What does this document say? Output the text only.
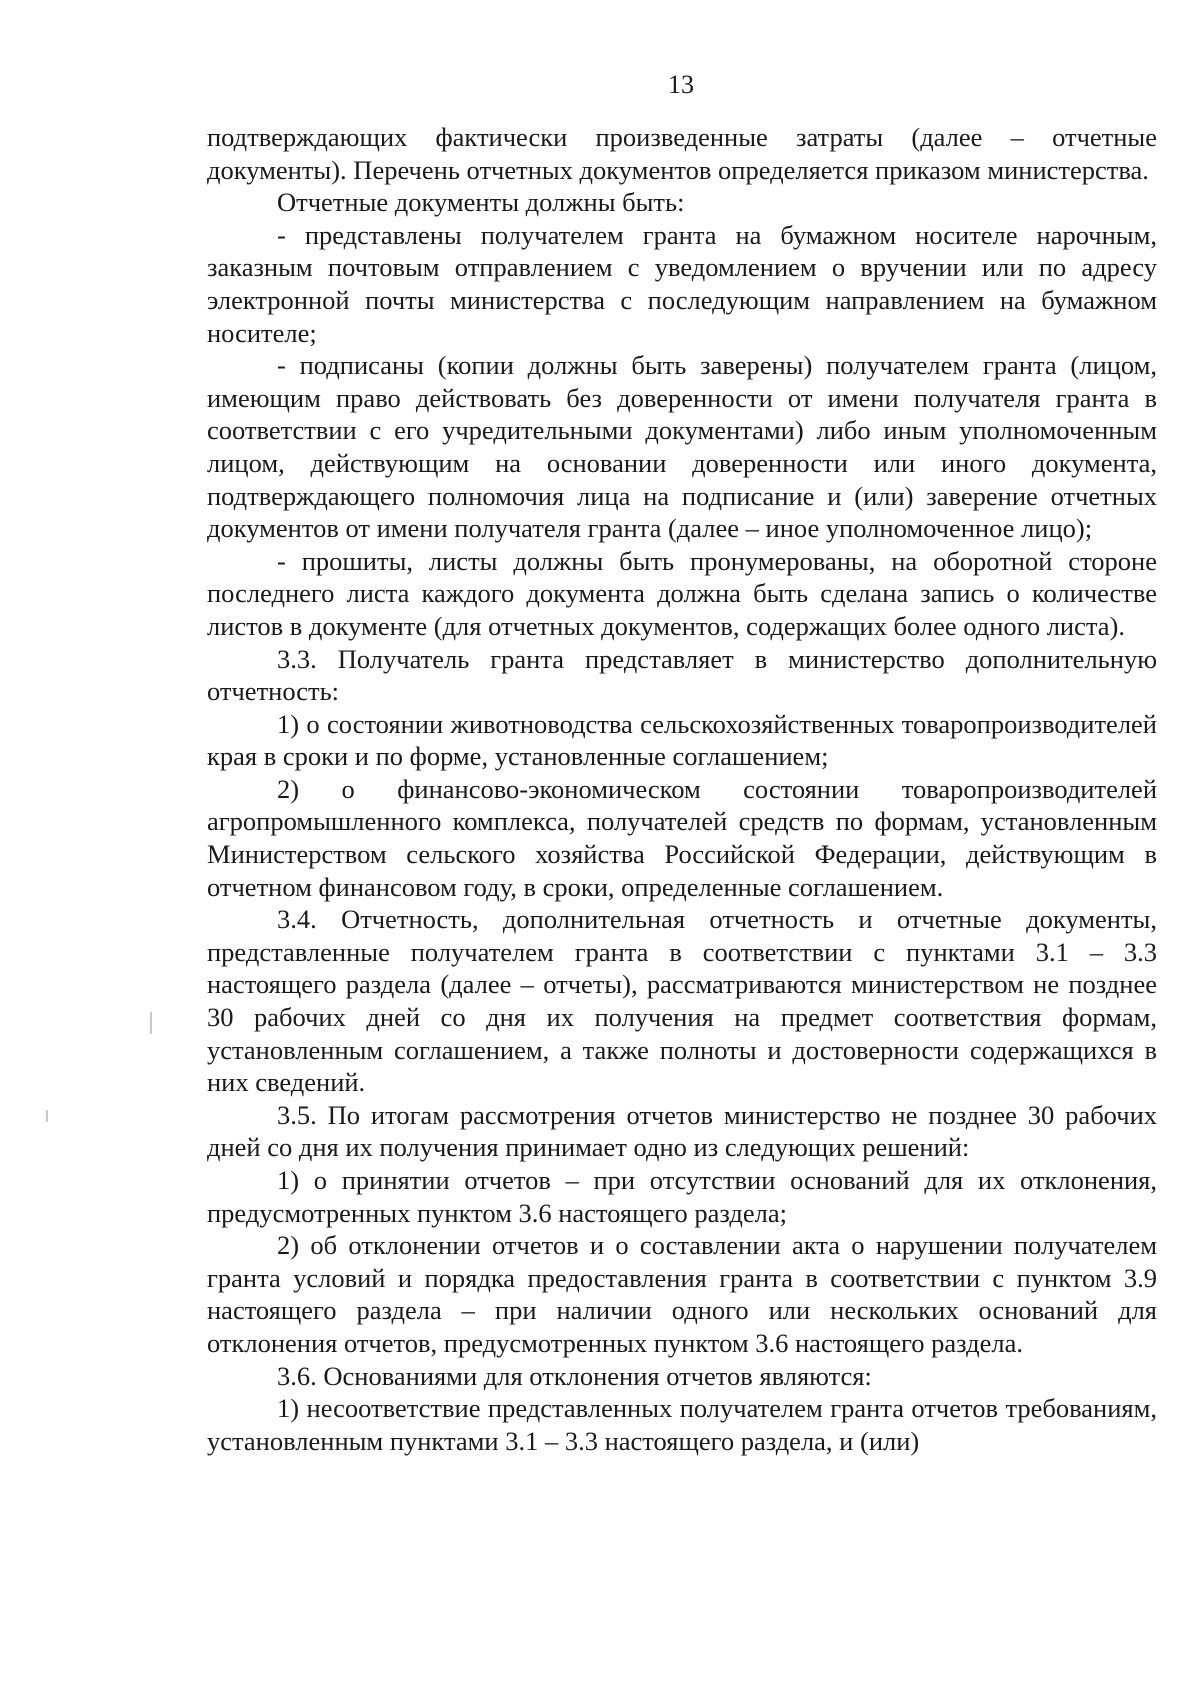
13

подтверждающих фактически произведенные затраты (далее – отчетные документы). Перечень отчетных документов определяется приказом министерства.

Отчетные документы должны быть:

- представлены получателем гранта на бумажном носителе нарочным, заказным почтовым отправлением с уведомлением о вручении или по адресу электронной почты министерства с последующим направлением на бумажном носителе;

- подписаны (копии должны быть заверены) получателем гранта (лицом, имеющим право действовать без доверенности от имени получателя гранта в соответствии с его учредительными документами) либо иным уполномоченным лицом, действующим на основании доверенности или иного документа, подтверждающего полномочия лица на подписание и (или) заверение отчетных документов от имени получателя гранта (далее – иное уполномоченное лицо);

- прошиты, листы должны быть пронумерованы, на оборотной стороне последнего листа каждого документа должна быть сделана запись о количестве листов в документе (для отчетных документов, содержащих более одного листа).

3.3. Получатель гранта представляет в министерство дополнительную отчетность:

1) о состоянии животноводства сельскохозяйственных товаропроизводителей края в сроки и по форме, установленные соглашением;

2) о финансово-экономическом состоянии товаропроизводителей агропромышленного комплекса, получателей средств по формам, установленным Министерством сельского хозяйства Российской Федерации, действующим в отчетном финансовом году, в сроки, определенные соглашением.

3.4. Отчетность, дополнительная отчетность и отчетные документы, представленные получателем гранта в соответствии с пунктами 3.1 – 3.3 настоящего раздела (далее – отчеты), рассматриваются министерством не позднее 30 рабочих дней со дня их получения на предмет соответствия формам, установленным соглашением, а также полноты и достоверности содержащихся в них сведений.

3.5. По итогам рассмотрения отчетов министерство не позднее 30 рабочих дней со дня их получения принимает одно из следующих решений:

1) о принятии отчетов – при отсутствии оснований для их отклонения, предусмотренных пунктом 3.6 настоящего раздела;

2) об отклонении отчетов и о составлении акта о нарушении получателем гранта условий и порядка предоставления гранта в соответствии с пунктом 3.9 настоящего раздела – при наличии одного или нескольких оснований для отклонения отчетов, предусмотренных пунктом 3.6 настоящего раздела.

3.6. Основаниями для отклонения отчетов являются:

1) несоответствие представленных получателем гранта отчетов требованиям, установленным пунктами 3.1 – 3.3 настоящего раздела, и (или)
